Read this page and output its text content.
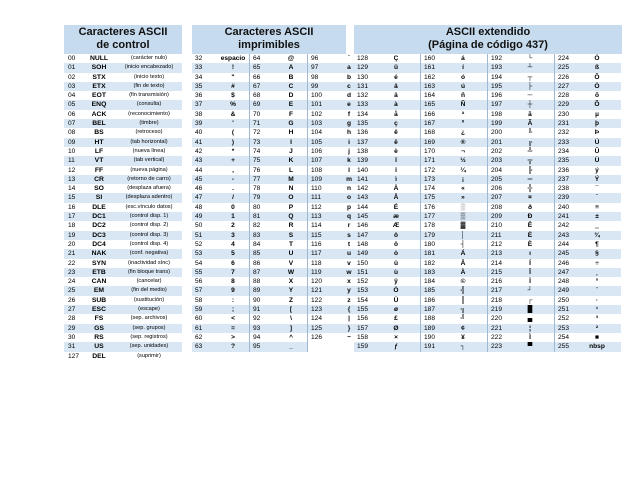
Caracteres ASCII
de control
00	NULL	(carácter nulo)
01	SOH	(inicio encabezado)
02	STX	(inicio texto)
03	ETX	(fin de texto)
04	EOT	(fin transmisión)
05	ENQ	(consulta)
06	ACK	(reconocimiento)
07	BEL	(timbre)
08	BS	(retroceso)
09	HT	(tab horizontal)
10	LF	(nueva línea)
11	VT	(tab vertical)
12	FF	(nueva página)
13	CR	(retorno de carro)
14	SO	(desplaza afuera)
15	SI	(desplaza adentro)
16	DLE	(esc.vínculo datos)
17	DC1	(control disp. 1)
18	DC2	(control disp. 2)
19	DC3	(control disp. 3)
20	DC4	(control disp. 4)
21	NAK	(conf. negativa)
22	SYN	(inactividad sínc)
23	ETB	(fin bloque trans)
24	CAN	(cancelar)
25	EM	(fin del medio)
26	SUB	(sustitución)
27	ESC	(escape)
28	FS	(sep. archivos)
29	GS	(sep. grupos)
30	RS	(sep. registros)
31	US	(sep. unidades)
127	DEL	(suprimir)
Caracteres ASCII
imprimibles
32	espacio
33	!
34	"
35	#
36	$
37	%
38	&
39	'
40	(
41	)
42	*
43	+
44	,
45	-
46	.
47	/
48	0
49	1
50	2
51	3
52	4
53	5
54	6
55	7
56	8
57	9
58	:
59	;
60	<
61	=
62	>
63	?
64	@
65	A
66	B
67	C
68	D
69	E
70	F
71	G
72	H
73	I
74	J
75	K
76	L
77	M
78	N
79	O
80	P
81	Q
82	R
83	S
84	T
85	U
86	V
87	W
88	X
89	Y
90	Z
91	[
92	\
93	]
94	^
95	_
96	`
97	a
98	b
99	c
100	d
101	e
102	f
103	g
104	h
105	i
106	j
107	k
108	l
109	m
110	n
111	o
112	p
113	q
114	r
115	s
116	t
117	u
118	v
119	w
120	x
121	y
122	z
123	{
124	|
125	}
126	~
ASCII extendido
(Página de código 437)
128	Ç
129	ü
130	é
131	â
132	ä
133	à
134	å
135	ç
136	ê
137	ë
138	è
139	ï
140	î
141	ì
142	Ä
143	Å
144	É
145	æ
146	Æ
147	ô
148	ö
149	ò
150	û
151	ù
152	ÿ
153	Ö
154	Ü
155	ø
156	£
157	Ø
158	×
159	ƒ
160	á
161	í
162	ó
163	ú
164	ñ
165	Ñ
166	ª
167	º
168	¿
169	®
170	¬
171	½
172	¼
173	¡
174	«
175	»
176	░
177	▒
178	▓
179	│
180	┤
181	Á
182	Â
183	À
184	©
185	╣
186	║
187	╗
188	╝
189	¢
190	¥
191	┐
192	└
193	┴
194	┬
195	├
196	─
197	┼
198	ã
199	Ã
200	╚
201	╔
202	╩
203	╦
204	╠
205	═
206	╬
207	¤
208	ð
209	Ð
210	Ê
211	Ë
212	È
213	ı
214	Í
215	Î
216	Ï
217	┘
218	┌
219	█
220	▄
221	¦
222	Ì
223	▀
224	Ó
225	ß
226	Ô
227	Ò
228	õ
229	Õ
230	µ
231	þ
232	Þ
233	Ú
234	Û
235	Ù
236	ý
237	Ý
238	¯
239	´
240	≡
241	±
242	‗
243	¾
244	¶
245	§
246	÷
247	¸
248	°
249	¨
250	·
251	¹
252	³
253	²
254	■
255	nbsp
